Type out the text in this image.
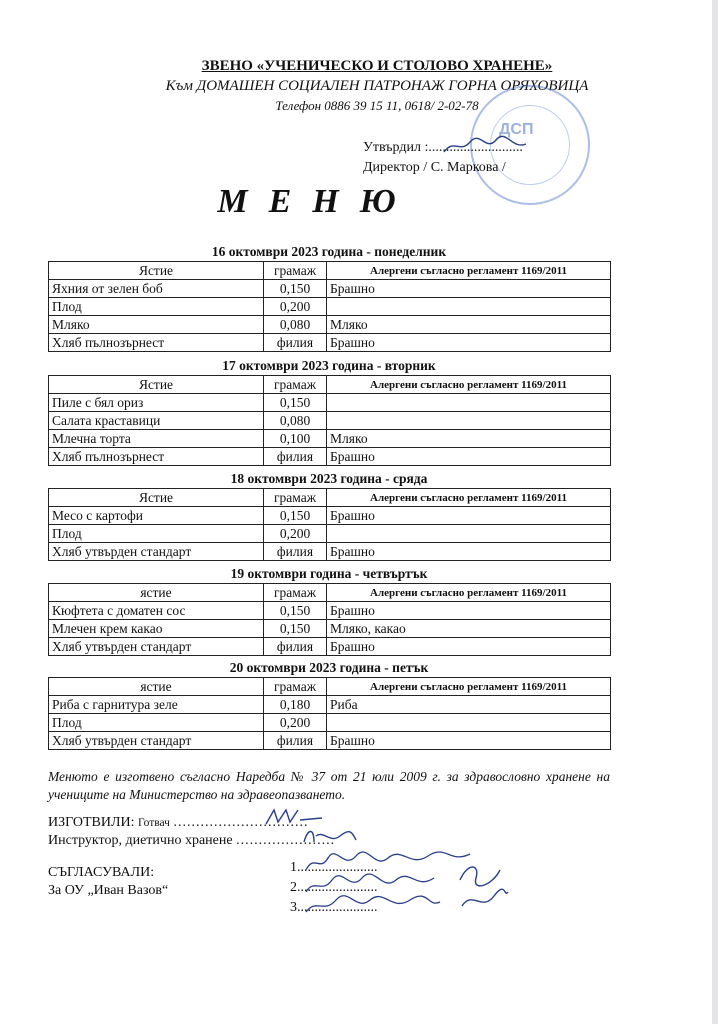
ЗВЕНО «УЧЕНИЧЕСКО И СТОЛОВО ХРАНЕНЕ»
Към ДОМАШЕН СОЦИАЛЕН ПАТРОНАЖ ГОРНА ОРЯХОВИЦА
Телефон 0886 39 15 11, 0618/ 2-02-78
ДСП
Утвърдил :...........................
Директор / С. Маркова /
МЕНЮ
16 октомври 2023 година - понеделник
Ястие	грамаж	Алергени съгласно регламент 1169/2011
Яхния от зелен боб	0,150	Брашно
Плод	0,200	
Мляко	0,080	Мляко
Хляб пълнозърнест	филия	Брашно
17 октомври 2023 година - вторник
Ястие	грамаж	Алергени съгласно регламент 1169/2011
Пиле с бял ориз	0,150	
Салата краставици	0,080	
Млечна торта	0,100	Мляко
Хляб пълнозърнест	филия	Брашно
18 октомври 2023 година - сряда
Ястие	грамаж	Алергени съгласно регламент 1169/2011
Месо с картофи	0,150	Брашно
Плод	0,200	
Хляб утвърден стандарт	филия	Брашно
19 октомври година - четвъртък
ястие	грамаж	Алергени съгласно регламент 1169/2011
Кюфтета с доматен сос	0,150	Брашно
Млечен крем какао	0,150	Мляко, какао
Хляб утвърден стандарт	филия	Брашно
20 октомври 2023 година - петък
ястие	грамаж	Алергени съгласно регламент 1169/2011
Риба с гарнитура зеле	0,180	Риба
Плод	0,200	
Хляб утвърден стандарт	филия	Брашно
Менюто е изготвено съгласно Наредба № 37 от 21 юли 2009 г. за здравословно хранене на учениците на Министерство на здравеопазването.
ИЗГОТВИЛИ: Готвач ..............................
Инструктор, диетично хранене ......................
СЪГЛАСУВАЛИ:
За ОУ „Иван Вазов“
1.......................
2.......................
3.......................
